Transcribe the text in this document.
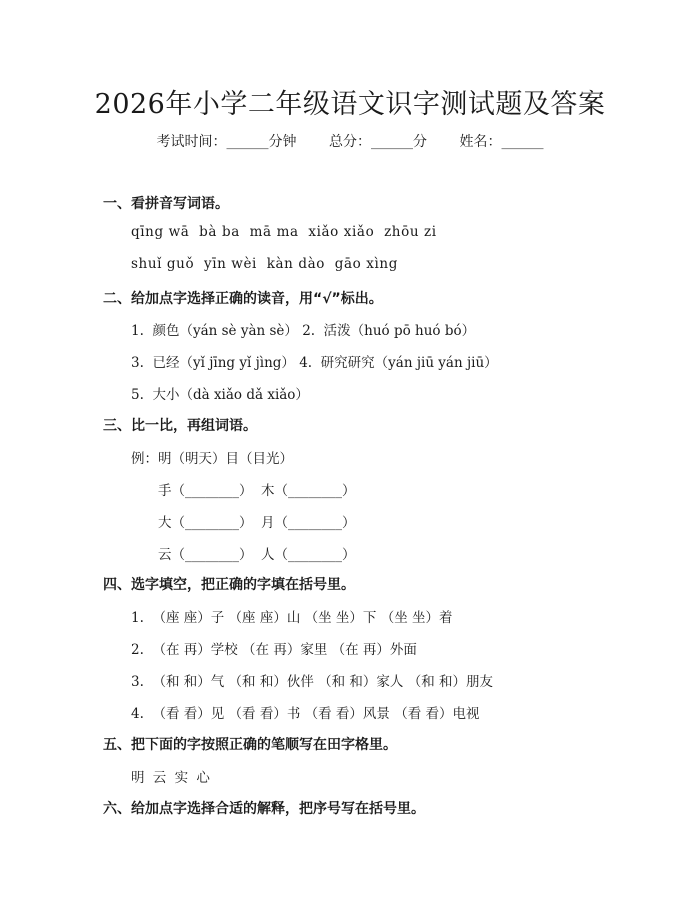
2026年小学二年级语文识字测试题及答案
考试时间：______分钟 总分：______分 姓名：______
一、看拼音写词语。
qīng wā  bà ba  mā ma  xiǎo xiǎo  zhōu zi
shuǐ guǒ  yīn wèi  kàn dào  gāo xìng
二、给加点字选择正确的读音，用“√”标出。
1.  颜色（yán sè yàn sè） 2.  活泼（huó pō huó bó）
3.  已经（yǐ jīng yǐ jìng） 4.  研究研究（yán jiū yán jiū）
5.  大小（dà xiǎo dǎ xiǎo）
三、比一比，再组词语。
例：明（明天）目（目光）
手（________） 木（________）
大（________） 月（________）
云（________） 人（________）
四、选字填空，把正确的字填在括号里。
1.  （座 座）子 （座 座）山 （坐 坐）下 （坐 坐）着
2.  （在 再）学校 （在 再）家里 （在 再）外面
3.  （和 和）气 （和 和）伙伴 （和 和）家人 （和 和）朋友
4.  （看 看）见 （看 看）书 （看 看）风景 （看 看）电视
五、把下面的字按照正确的笔顺写在田字格里。
明 云 实 心
六、给加点字选择合适的解释，把序号写在括号里。
